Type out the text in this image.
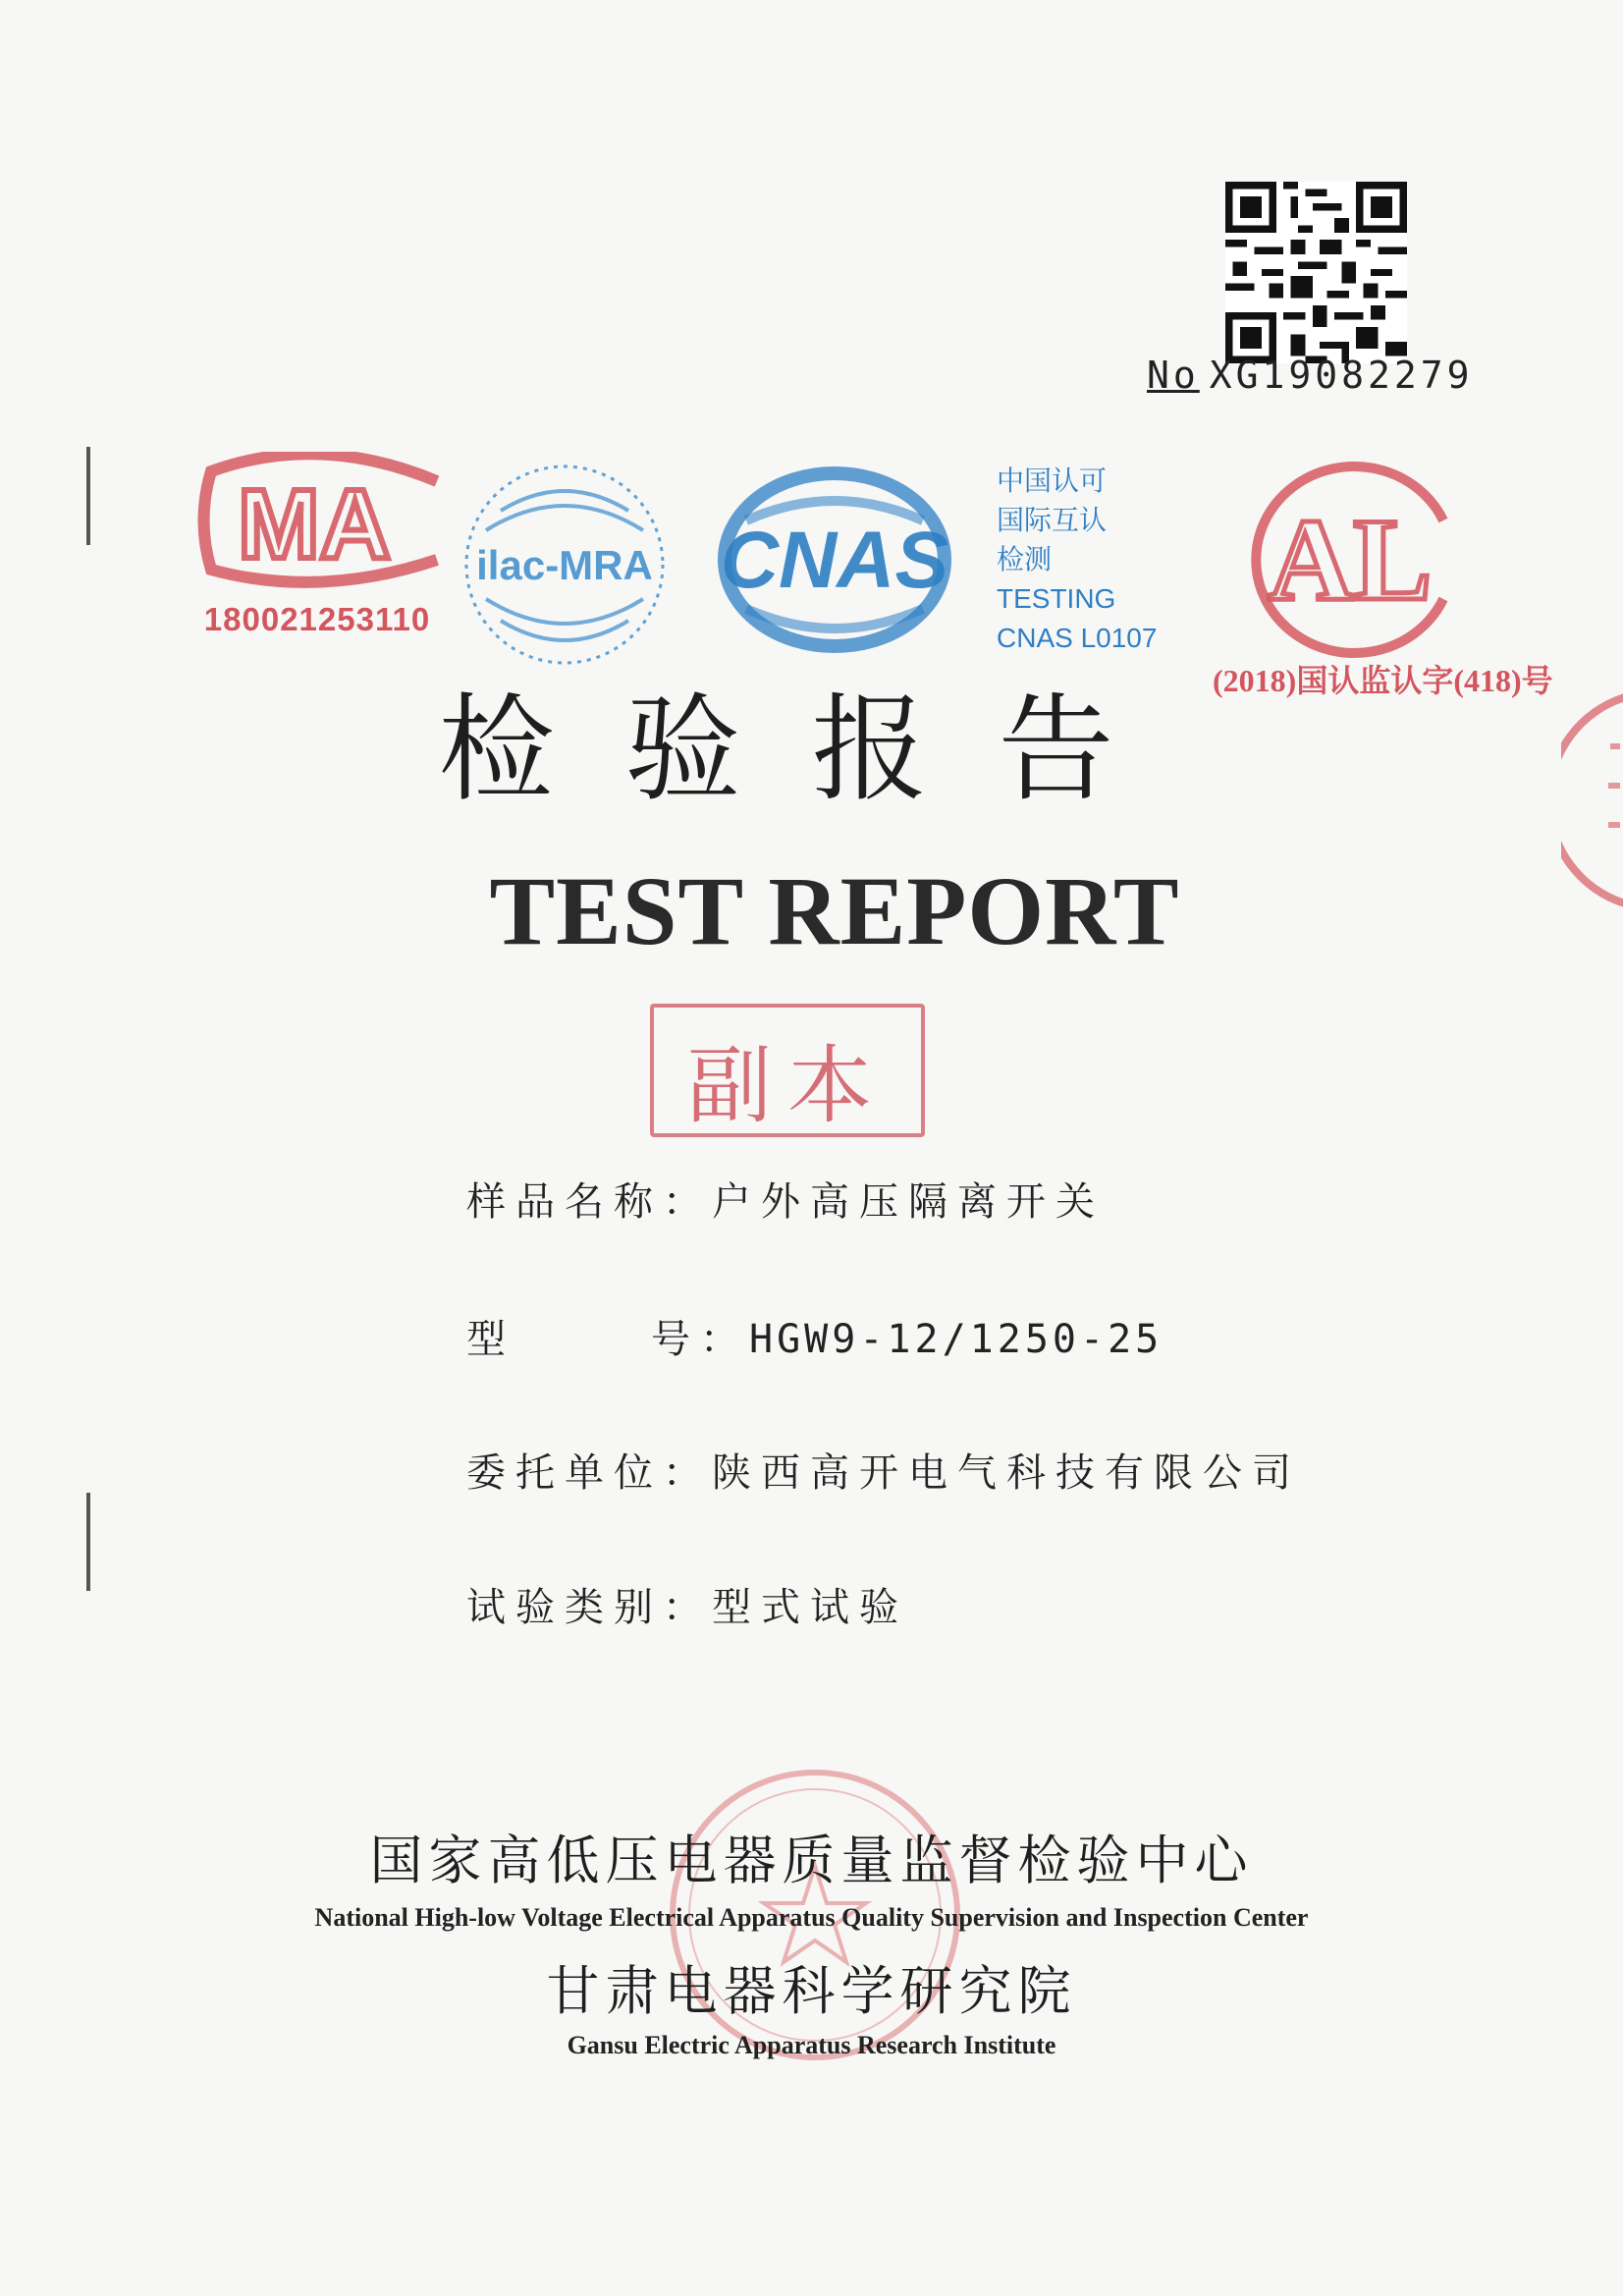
No XG19082279
MA
180021253110
ilac-MRA CNAS
中国认可
国际互认
检测
TESTING
CNAS L0107
AL
(2018)国认监认字(418)号
检验报告
TEST REPORT
副本
样品名称：户外高压隔离开关
型	号：HGW9-12/1250-25
委托单位：陕西高开电气科技有限公司
试验类别：型式试验
国家高低压电器质量监督检验中心
National High-low Voltage Electrical Apparatus Quality Supervision and Inspection Center
甘肃电器科学研究院
Gansu Electric Apparatus Research Institute
